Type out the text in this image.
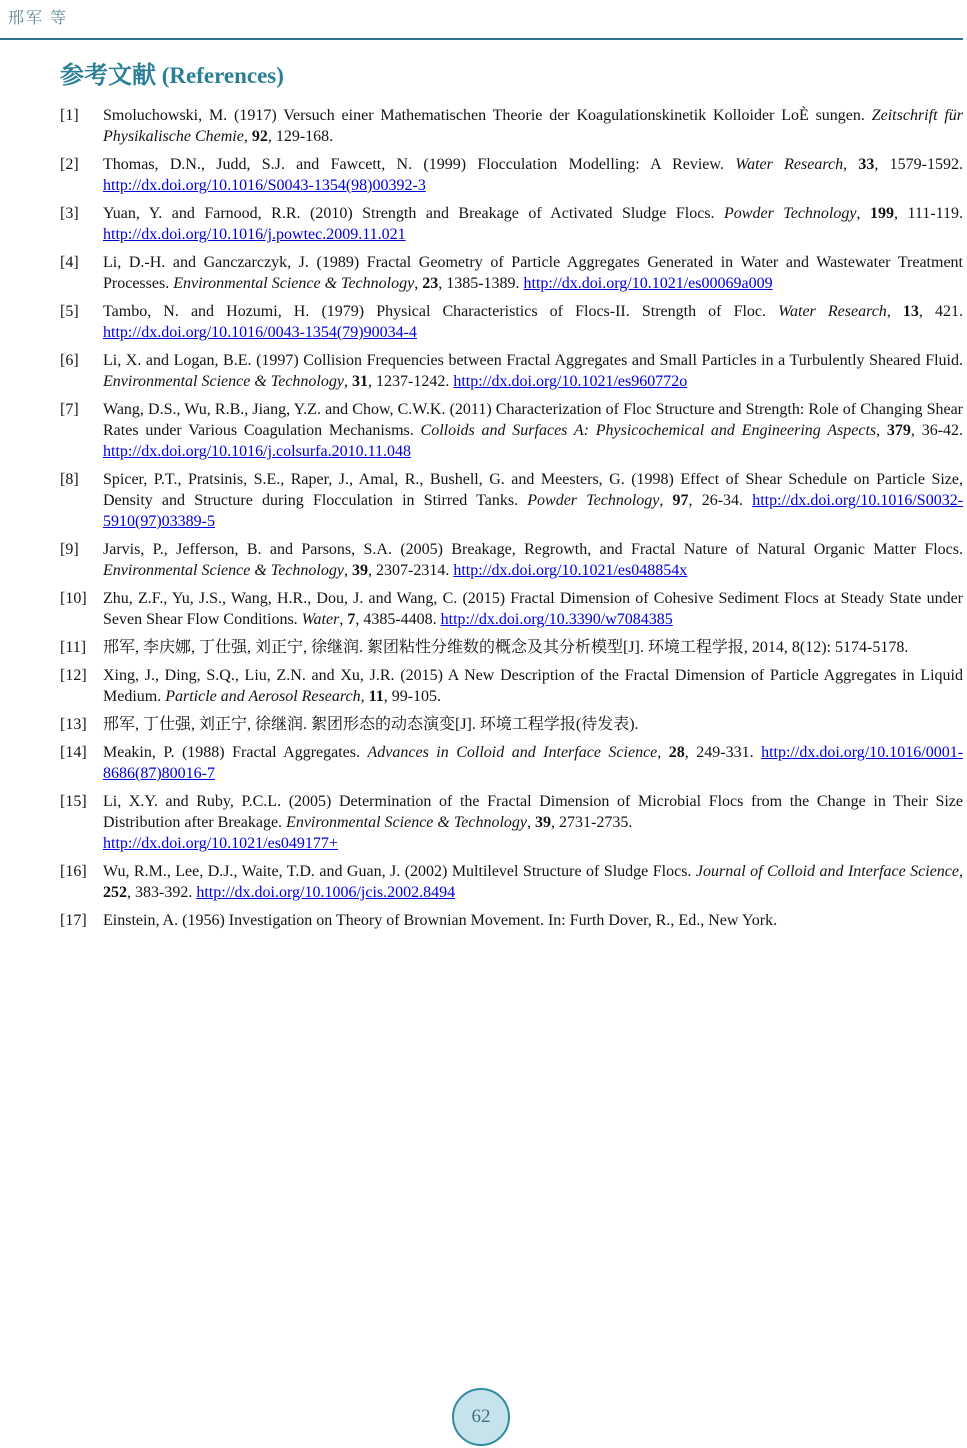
邢军 等
参考文献 (References)
[1] Smoluchowski, M. (1917) Versuch einer Mathematischen Theorie der Koagulationskinetik Kolloider LoÈ sungen. Zeitschrift für Physikalische Chemie, 92, 129-168.
[2] Thomas, D.N., Judd, S.J. and Fawcett, N. (1999) Flocculation Modelling: A Review. Water Research, 33, 1579-1592. http://dx.doi.org/10.1016/S0043-1354(98)00392-3
[3] Yuan, Y. and Farnood, R.R. (2010) Strength and Breakage of Activated Sludge Flocs. Powder Technology, 199, 111-119. http://dx.doi.org/10.1016/j.powtec.2009.11.021
[4] Li, D.-H. and Ganczarczyk, J. (1989) Fractal Geometry of Particle Aggregates Generated in Water and Wastewater Treatment Processes. Environmental Science & Technology, 23, 1385-1389. http://dx.doi.org/10.1021/es00069a009
[5] Tambo, N. and Hozumi, H. (1979) Physical Characteristics of Flocs-II. Strength of Floc. Water Research, 13, 421. http://dx.doi.org/10.1016/0043-1354(79)90034-4
[6] Li, X. and Logan, B.E. (1997) Collision Frequencies between Fractal Aggregates and Small Particles in a Turbulently Sheared Fluid. Environmental Science & Technology, 31, 1237-1242. http://dx.doi.org/10.1021/es960772o
[7] Wang, D.S., Wu, R.B., Jiang, Y.Z. and Chow, C.W.K. (2011) Characterization of Floc Structure and Strength: Role of Changing Shear Rates under Various Coagulation Mechanisms. Colloids and Surfaces A: Physicochemical and Engineering Aspects, 379, 36-42. http://dx.doi.org/10.1016/j.colsurfa.2010.11.048
[8] Spicer, P.T., Pratsinis, S.E., Raper, J., Amal, R., Bushell, G. and Meesters, G. (1998) Effect of Shear Schedule on Particle Size, Density and Structure during Flocculation in Stirred Tanks. Powder Technology, 97, 26-34. http://dx.doi.org/10.1016/S0032-5910(97)03389-5
[9] Jarvis, P., Jefferson, B. and Parsons, S.A. (2005) Breakage, Regrowth, and Fractal Nature of Natural Organic Matter Flocs. Environmental Science & Technology, 39, 2307-2314. http://dx.doi.org/10.1021/es048854x
[10] Zhu, Z.F., Yu, J.S., Wang, H.R., Dou, J. and Wang, C. (2015) Fractal Dimension of Cohesive Sediment Flocs at Steady State under Seven Shear Flow Conditions. Water, 7, 4385-4408. http://dx.doi.org/10.3390/w7084385
[11] 邢军, 李庆娜, 丁仕强, 刘正宁, 徐继润. 絮团粘性分维数的概念及其分析模型[J]. 环境工程学报, 2014, 8(12): 5174-5178.
[12] Xing, J., Ding, S.Q., Liu, Z.N. and Xu, J.R. (2015) A New Description of the Fractal Dimension of Particle Aggregates in Liquid Medium. Particle and Aerosol Research, 11, 99-105.
[13] 邢军, 丁仕强, 刘正宁, 徐继润. 絮团形态的动态演变[J]. 环境工程学报(待发表).
[14] Meakin, P. (1988) Fractal Aggregates. Advances in Colloid and Interface Science, 28, 249-331. http://dx.doi.org/10.1016/0001-8686(87)80016-7
[15] Li, X.Y. and Ruby, P.C.L. (2005) Determination of the Fractal Dimension of Microbial Flocs from the Change in Their Size Distribution after Breakage. Environmental Science & Technology, 39, 2731-2735.
http://dx.doi.org/10.1021/es049177+
[16] Wu, R.M., Lee, D.J., Waite, T.D. and Guan, J. (2002) Multilevel Structure of Sludge Flocs. Journal of Colloid and Interface Science, 252, 383-392. http://dx.doi.org/10.1006/jcis.2002.8494
[17] Einstein, A. (1956) Investigation on Theory of Brownian Movement. In: Furth Dover, R., Ed., New York.
62
